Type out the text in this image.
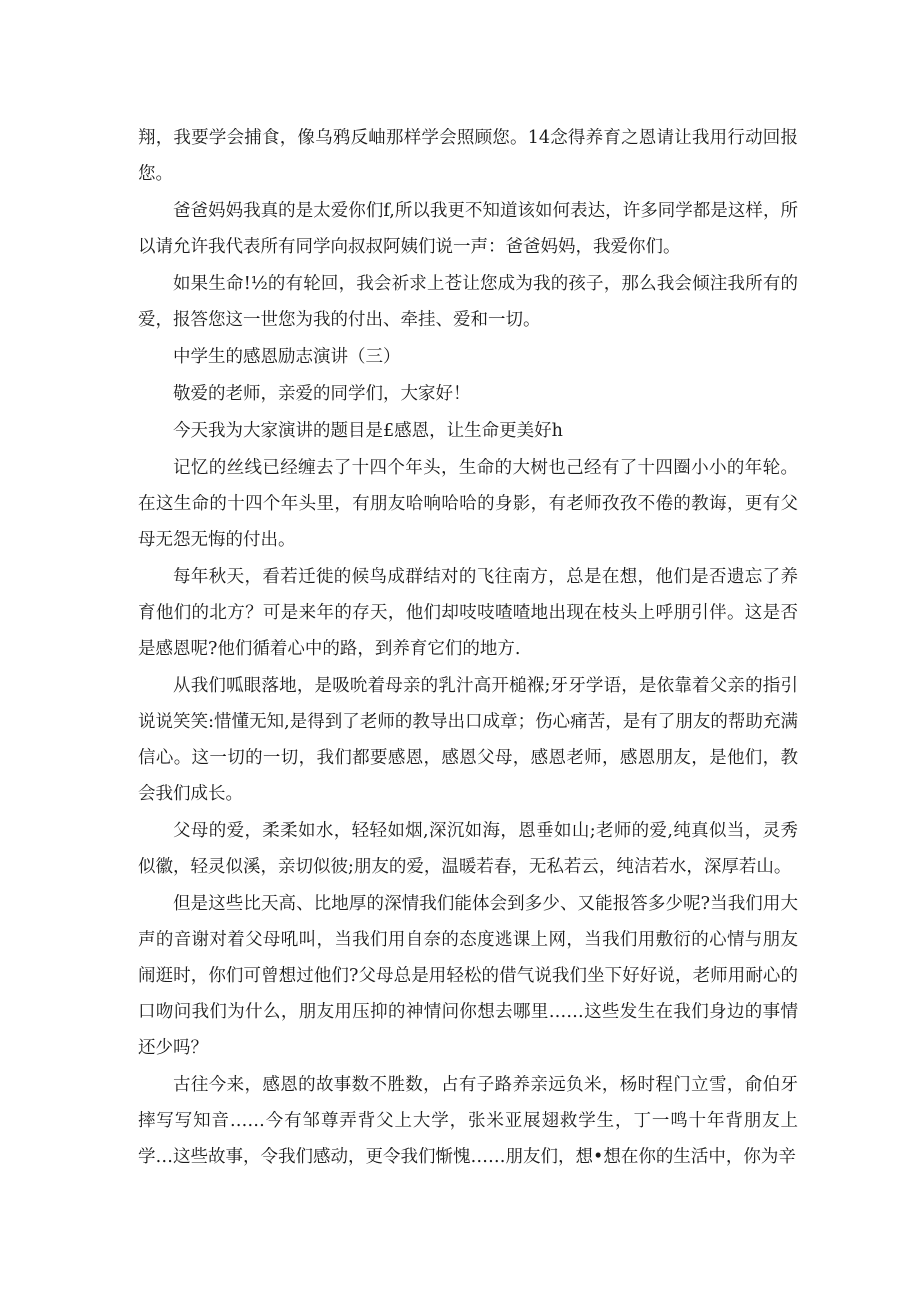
翔，我要学会捕食，像乌鸦反岫那样学会照顾您。14念得养育之恩请让我用行动回报您。

爸爸妈妈我真的是太爱你们f,所以我更不知道该如何表达，许多同学都是这样，所以请允许我代表所有同学向叔叔阿姨们说一声：爸爸妈妈，我爱你们。

如果生命!½的有轮回，我会祈求上苍让您成为我的孩子，那么我会倾注我所有的爱，报答您这一世您为我的付出、牵挂、爱和一切。

中学生的感恩励志演讲（三）

敬爱的老师，亲爱的同学们，大家好！

今天我为大家演讲的题目是£感恩，让生命更美好h

记忆的丝线已经缠去了十四个年头，生命的大树也己经有了十四圈小小的年轮。在这生命的十四个年头里，有朋友哈响哈哈的身影，有老师孜孜不倦的教诲，更有父母无怨无悔的付出。

每年秋天，看若迁徙的候鸟成群结对的飞往南方，总是在想，他们是否遗忘了养育他们的北方？可是来年的存天，他们却吱吱喳喳地出现在枝头上呼朋引伴。这是否是感恩呢?他们循着心中的路，到养育它们的地方.

从我们呱眼落地，是吸吮着母亲的乳汁高开槌褓;牙牙学语，是依靠着父亲的指引说说笑笑:惜懂无知,是得到了老师的教导出口成章；伤心痛苦，是有了朋友的帮助充满信心。这一切的一切，我们都要感恩，感恩父母，感恩老师，感恩朋友，是他们，教会我们成长。

父母的爱，柔柔如水，轻轻如烟,深沉如海，恩垂如山;老师的爱,纯真似当，灵秀似徽，轻灵似溪，亲切似彼;朋友的爱，温暖若春，无私若云，纯洁若水，深厚若山。

但是这些比天高、比地厚的深情我们能体会到多少、又能报答多少呢?当我们用大声的音谢对着父母吼叫，当我们用自奈的态度逃课上网，当我们用敷衍的心情与朋友闹逛时，你们可曾想过他们?父母总是用轻松的借气说我们坐下好好说，老师用耐心的口吻问我们为什么，朋友用压抑的神情问你想去哪里……这些发生在我们身边的事情还少吗？

古往今来，感恩的故事数不胜数，占有子路养亲远负米，杨时程门立雪，俞伯牙摔写写知音……今有邹尊弄背父上大学，张米亚展翅救学生，丁一鸣十年背朋友上学…这些故事，令我们感动，更令我们惭愧……朋友们，想•想在你的生活中，你为辛
